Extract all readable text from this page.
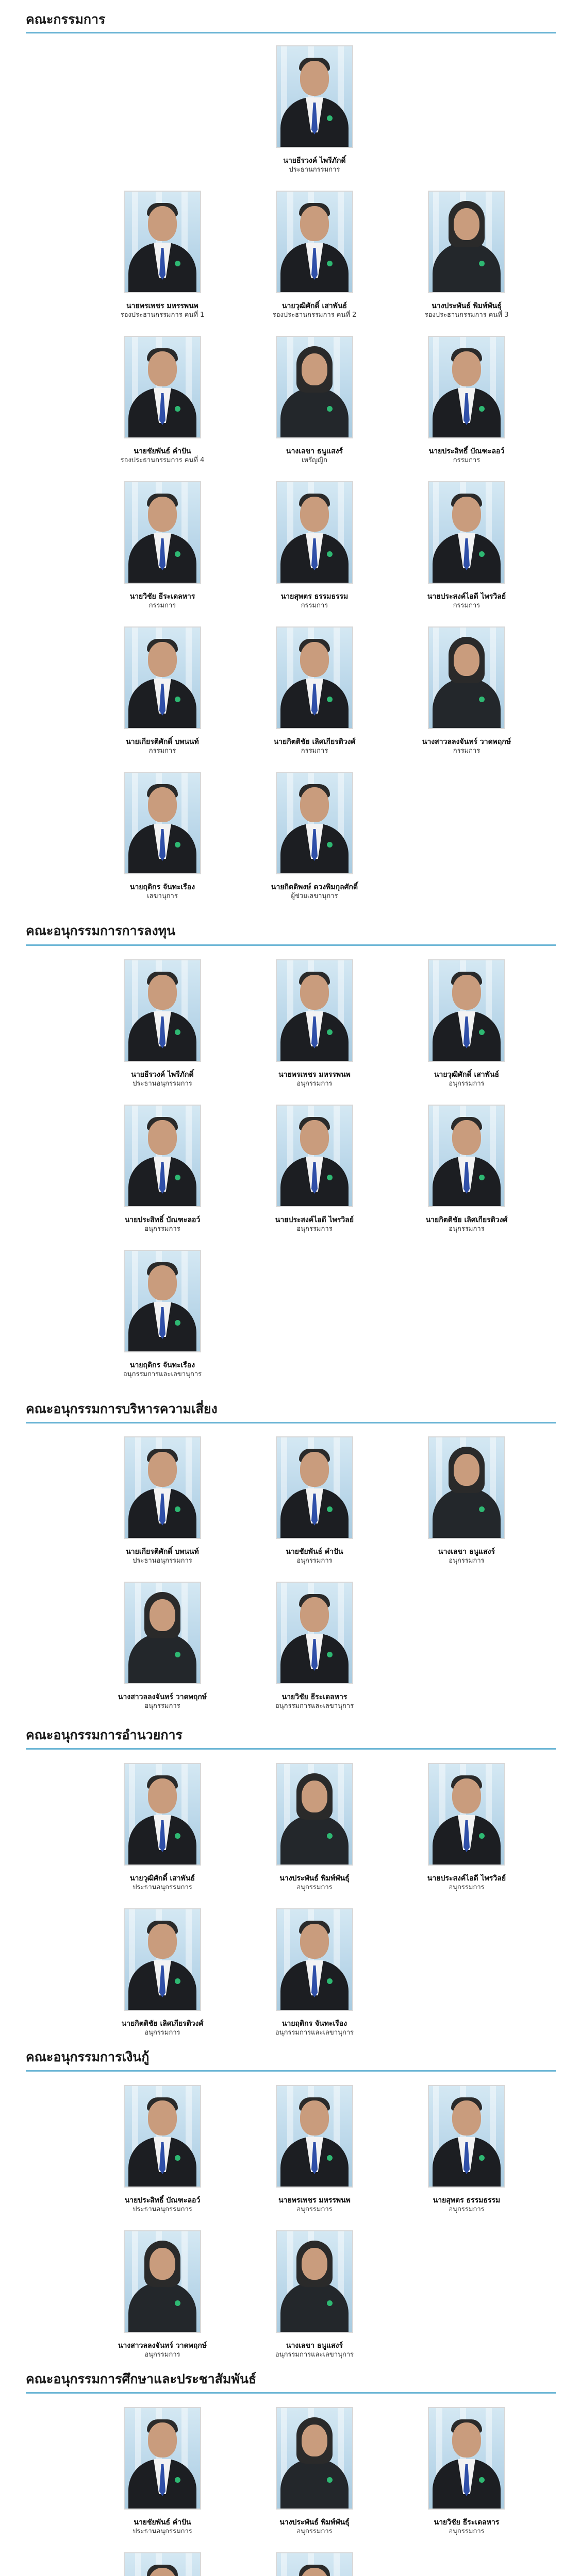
คณะกรรมการ
นายธีรวงค์ ไพรีภักดิ์
ประธานกรรมการ
นายพรเพชร มหรรพนพ
รองประธานกรรมการ คนที่ 1
นายวุฒิศักดิ์ เสาพันธ์
รองประธานกรรมการ คนที่ 2
นางประพันธ์ พิมพ์พันธุ์
รองประธานกรรมการ คนที่ 3
นายชัยพันธ์ คำปัน
รองประธานกรรมการ คนที่ 4
นางเลขา ธนูแสงร์
เหรัญญิก
นายประสิทธิ์ บัณฑะลอว์
กรรมการ
นายวิชัย ธีระเดลหาร
กรรมการ
นายสุพตร ธรรมธรรม
กรรมการ
นายประสงค์ไอดี ไพรวิลย์
กรรมการ
นายเกียรติศักดิ์ บพนนท์
กรรมการ
นายกิตติชัย เลิศเกียรติวงศ์
กรรมการ
นางสาวลลงจันทร์ วาดพฤกษ์
กรรมการ
นายฤติกร จันทะเรือง
เลขานุการ
นายกิตติพงษ์ ดวงพิมกุลศักดิ์
ผู้ช่วยเลขานุการ
คณะอนุกรรมการการลงทุน
นายธีรวงค์ ไพรีภักดิ์
ประธานอนุกรรมการ
นายพรเพชร มหรรพนพ
อนุกรรมการ
นายวุฒิศักดิ์ เสาพันธ์
อนุกรรมการ
นายประสิทธิ์ บัณฑะลอว์
อนุกรรมการ
นายประสงค์ไอดี ไพรวิลย์
อนุกรรมการ
นายกิตติชัย เลิศเกียรติวงศ์
อนุกรรมการ
นายฤติกร จันทะเรือง
อนุกรรมการและเลขานุการ
คณะอนุกรรมการบริหารความเสี่ยง
นายเกียรติศักดิ์ บพนนท์
ประธานอนุกรรมการ
นายชัยพันธ์ คำปัน
อนุกรรมการ
นางเลขา ธนูแสงร์
อนุกรรมการ
นางสาวลลงจันทร์ วาดพฤกษ์
อนุกรรมการ
นายวิชัย ธีระเดลหาร
อนุกรรมการและเลขานุการ
คณะอนุกรรมการอำนวยการ
นายวุฒิศักดิ์ เสาพันธ์
ประธานอนุกรรมการ
นางประพันธ์ พิมพ์พันธุ์
อนุกรรมการ
นายประสงค์ไอดี ไพรวิลย์
อนุกรรมการ
นายกิตติชัย เลิศเกียรติวงศ์
อนุกรรมการ
นายฤติกร จันทะเรือง
อนุกรรมการและเลขานุการ
คณะอนุกรรมการเงินกู้
นายประสิทธิ์ บัณฑะลอว์
ประธานอนุกรรมการ
นายพรเพชร มหรรพนพ
อนุกรรมการ
นายสุพตร ธรรมธรรม
อนุกรรมการ
นางสาวลลงจันทร์ วาดพฤกษ์
อนุกรรมการ
นางเลขา ธนูแสงร์
อนุกรรมการและเลขานุการ
คณะอนุกรรมการศึกษาและประชาสัมพันธ์
นายชัยพันธ์ คำปัน
ประธานอนุกรรมการ
นางประพันธ์ พิมพ์พันธุ์
อนุกรรมการ
นายวิชัย ธีระเดลหาร
อนุกรรมการ
